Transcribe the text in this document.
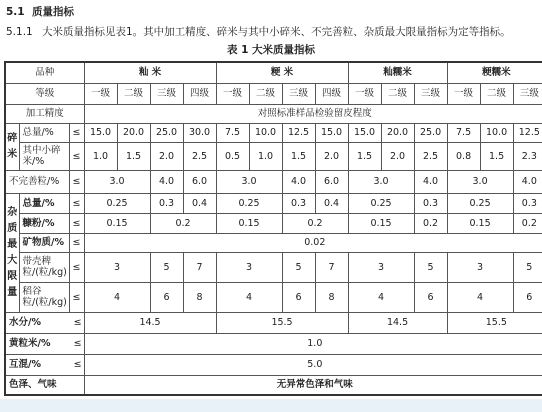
5.1 质量指标
5.1.1 大米质量指标见表1。其中加工精度、碎米与其中小碎米、不完善粒、杂质最大限量指标为定等指标。
表 1 大米质量指标
品种			籼 米				粳 米				籼糯米			粳糯米		
等级			一级	二级	三级	四级	一级	二级	三级	四级	一级	二级	三级	一级	二级	三级
加工精度			对照标准样品检验留皮程度													
碎米	总量/%	≤	15.0	20.0	25.0	30.0	7.5	10.0	12.5	15.0	15.0	20.0	25.0	7.5	10.0	12.5
	其中小碎米/%	≤	1.0	1.5	2.0	2.5	0.5	1.0	1.5	2.0	1.5	2.0	2.5	0.8	1.5	2.3
不完善粒/%		≤	3.0		4.0	6.0	3.0		4.0	6.0	3.0		4.0	3.0		4.0
杂质最大限量	总量/%	≤	0.25		0.3	0.4	0.25		0.3	0.4	0.25		0.3	0.25		0.3
	糠粉/%	≤	0.15		0.2		0.15		0.2		0.15		0.2	0.15		0.2
	矿物质/%	≤	0.02													
	带壳稗粒/(粒/kg)	≤	3		5	7	3		5	7	3		5	3		5
	稻谷粒/(粒/kg)	≤	4		6	8	4		6	8	4		6	4		6

水分/% ≤			14.5				15.5				14.5			15.5		

黄粒米/% ≤			1.0													

互混/% ≤			5.0													
色泽、气味			无异常色泽和气味													
